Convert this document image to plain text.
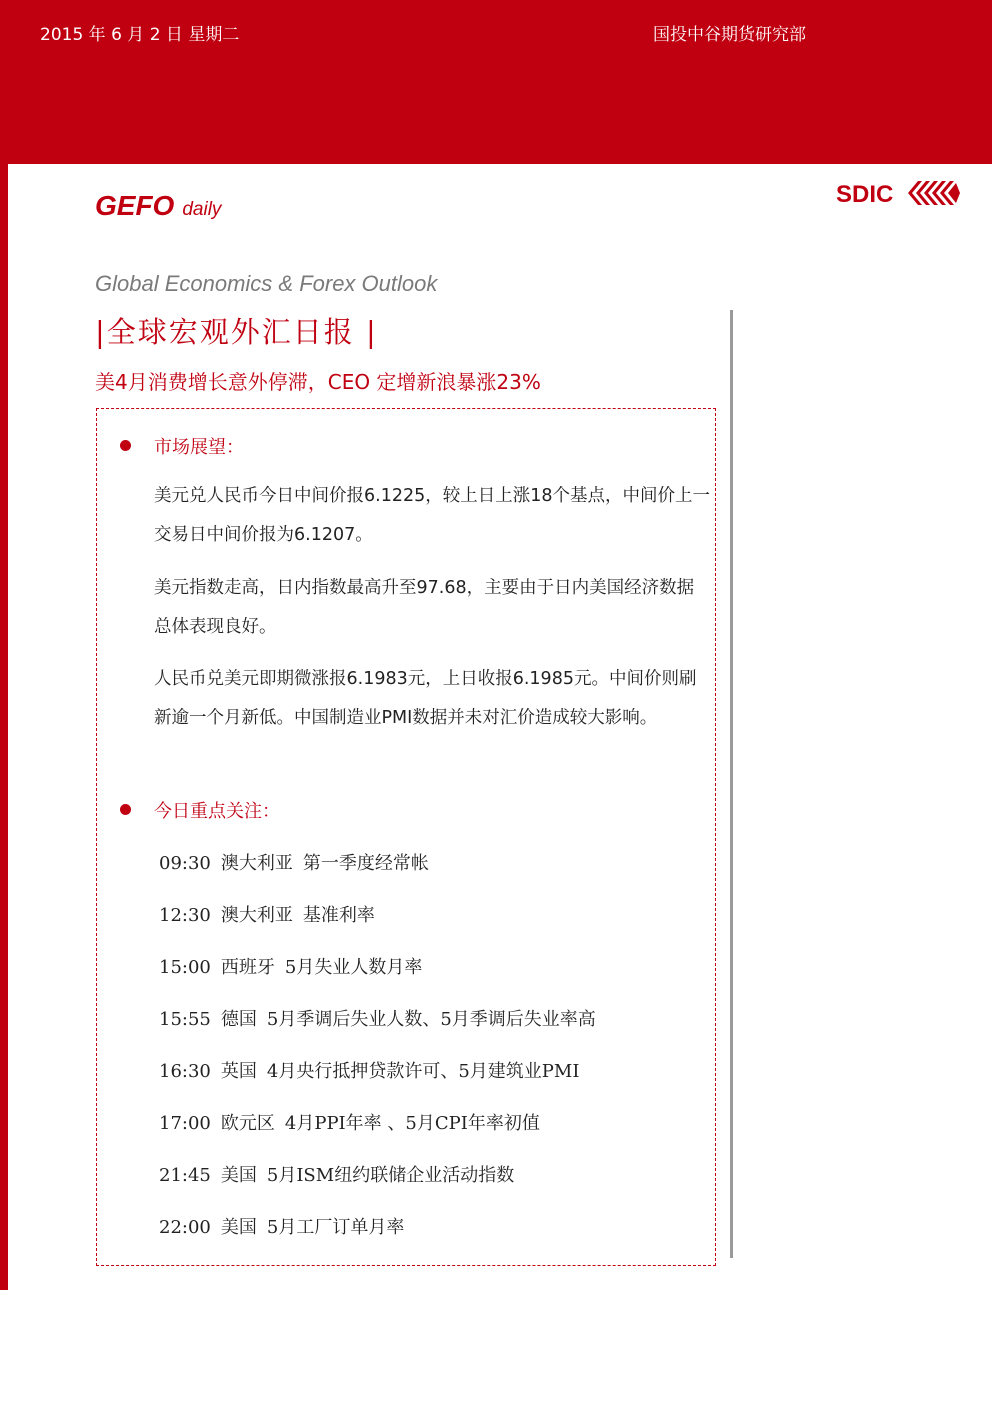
2015 年 6 月 2 日 星期二	国投中谷期货研究部
GEFO daily
SDIC
Global Economics & Forex Outlook
|全球宏观外汇日报 |
美4月消费增长意外停滞，CEO 定增新浪暴涨23%
市场展望：
美元兑人民币今日中间价报6.1225，较上日上涨18个基点，中间价上一交易日中间价报为6.1207。
美元指数走高，日内指数最高升至97.68，主要由于日内美国经济数据总体表现良好。
人民币兑美元即期微涨报6.1983元，上日收报6.1985元。中间价则刷新逾一个月新低。中国制造业PMI数据并未对汇价造成较大影响。
今日重点关注：
09:30 澳大利亚 第一季度经常帐
12:30 澳大利亚 基准利率
15:00 西班牙 5月失业人数月率
15:55 德国 5月季调后失业人数、5月季调后失业率高
16:30 英国 4月央行抵押贷款许可、5月建筑业PMI
17:00 欧元区 4月PPI年率 、5月CPI年率初值
21:45 美国 5月ISM纽约联储企业活动指数
22:00 美国 5月工厂订单月率
